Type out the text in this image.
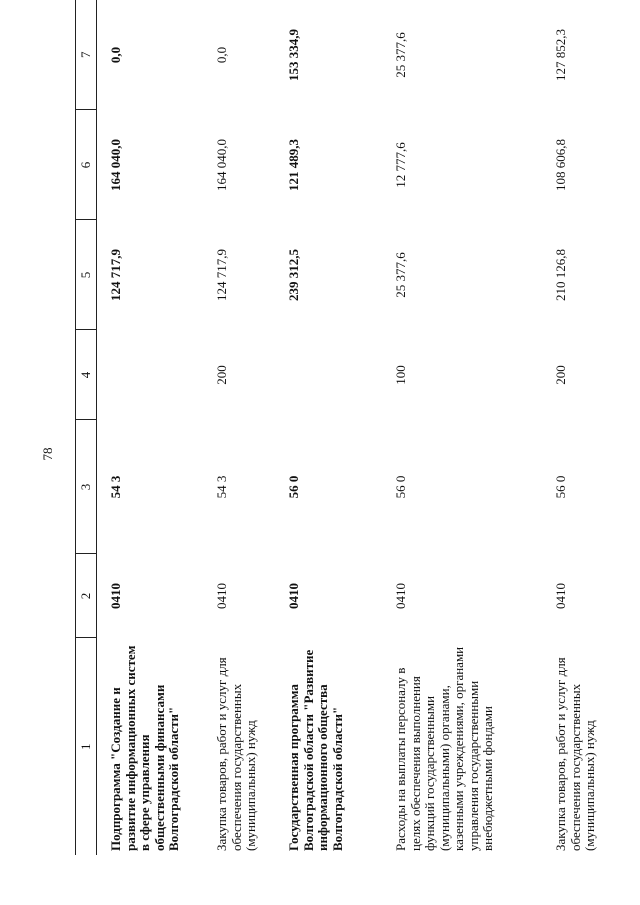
78
1	2	3	4	5	6	7
Подпрограмма "Создание и развитие информационных систем в сфере управления общественными финансами Волгоградской области"	0410	54 3		124 717,9	164 040,0	0,0
Закупка товаров, работ и услуг для обеспечения государственных (муниципальных) нужд	0410	54 3	200	124 717,9	164 040,0	0,0
Государственная программа Волгоградской области "Развитие информационного общества Волгоградской области"	0410	56 0		239 312,5	121 489,3	153 334,9
Расходы на выплаты персоналу в целях обеспечения выполнения функций государственными (муниципальными) органами, казенными учреждениями, органами управления государственными внебюджетными фондами	0410	56 0	100	25 377,6	12 777,6	25 377,6
Закупка товаров, работ и услуг для обеспечения государственных (муниципальных) нужд	0410	56 0	200	210 126,8	108 606,8	127 852,3
